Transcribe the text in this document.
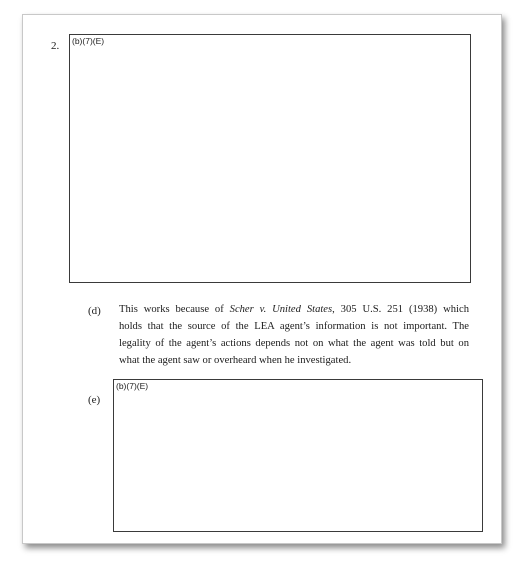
2. (b)(7)(E)
(d) This works because of Scher v. United States, 305 U.S. 251 (1938) which
holds that the source of the LEA agent’s information is not important. The
legality of the agent’s actions depends not on what the agent was told but on
what the agent saw or overheard when he investigated.
(e)
(b)(7)(E)
